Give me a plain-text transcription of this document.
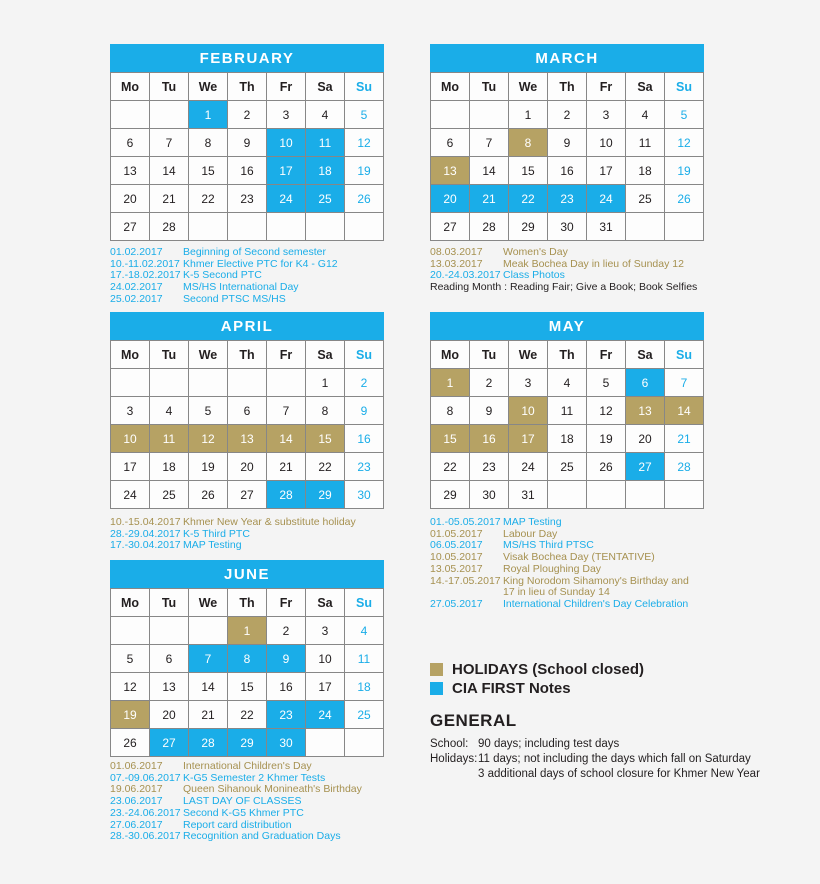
FEBRUARY
Mo	Tu	We	Th	Fr	Sa	Su
		1	2	3	4	5
6	7	8	9	10	11	12
13	14	15	16	17	18	19
20	21	22	23	24	25	26
27	28					
MARCH
Mo	Tu	We	Th	Fr	Sa	Su
		1	2	3	4	5
6	7	8	9	10	11	12
13	14	15	16	17	18	19
20	21	22	23	24	25	26
27	28	29	30	31		
APRIL
Mo	Tu	We	Th	Fr	Sa	Su
					1	2
3	4	5	6	7	8	9
10	11	12	13	14	15	16
17	18	19	20	21	22	23
24	25	26	27	28	29	30
MAY
Mo	Tu	We	Th	Fr	Sa	Su
1	2	3	4	5	6	7
8	9	10	11	12	13	14
15	16	17	18	19	20	21
22	23	24	25	26	27	28
29	30	31				
JUNE
Mo	Tu	We	Th	Fr	Sa	Su
			1	2	3	4
5	6	7	8	9	10	11
12	13	14	15	16	17	18
19	20	21	22	23	24	25
26	27	28	29	30		
01.02.2017	Beginning of Second semester
10.-11.02.2017 Khmer Elective PTC for K4 - G12
17.-18.02.2017 K-5 Second PTC
24.02.2017	MS/HS International Day
25.02.2017	Second PTSC MS/HS
08.03.2017	Women's Day
13.03.2017	Meak Bochea Day in lieu of Sunday 12
20.-24.03.2017 Class Photos
Reading Month : Reading Fair; Give a Book; Book Selfies
10.-15.04.2017 Khmer New Year & substitute holiday
28.-29.04.2017 K-5 Third PTC
17.-30.04.2017 MAP Testing
01.-05.05.2017 MAP Testing
01.05.2017	Labour Day
06.05.2017	MS/HS Third PTSC
10.05.2017	Visak Bochea Day (TENTATIVE)
13.05.2017	Royal Ploughing Day
14.-17.05.2017 King Norodom Sihamony's Birthday and
17 in lieu of Sunday 14
27.05.2017	International Children's Day Celebration
01.06.2017	International Children's Day
07.-09.06.2017 K-G5 Semester 2 Khmer Tests
19.06.2017	Queen Sihanouk Monineath's Birthday
23.06.2017	LAST DAY OF CLASSES
23.-24.06.2017 Second K-G5 Khmer PTC
27.06.2017	Report card distribution
28.-30.06.2017 Recognition and Graduation Days
HOLIDAYS (School closed)
CIA FIRST Notes
GENERAL
School: 90 days; including test days
Holidays: 11 days; not including the days which fall on Saturday
3 additional days of school closure for Khmer New Year
